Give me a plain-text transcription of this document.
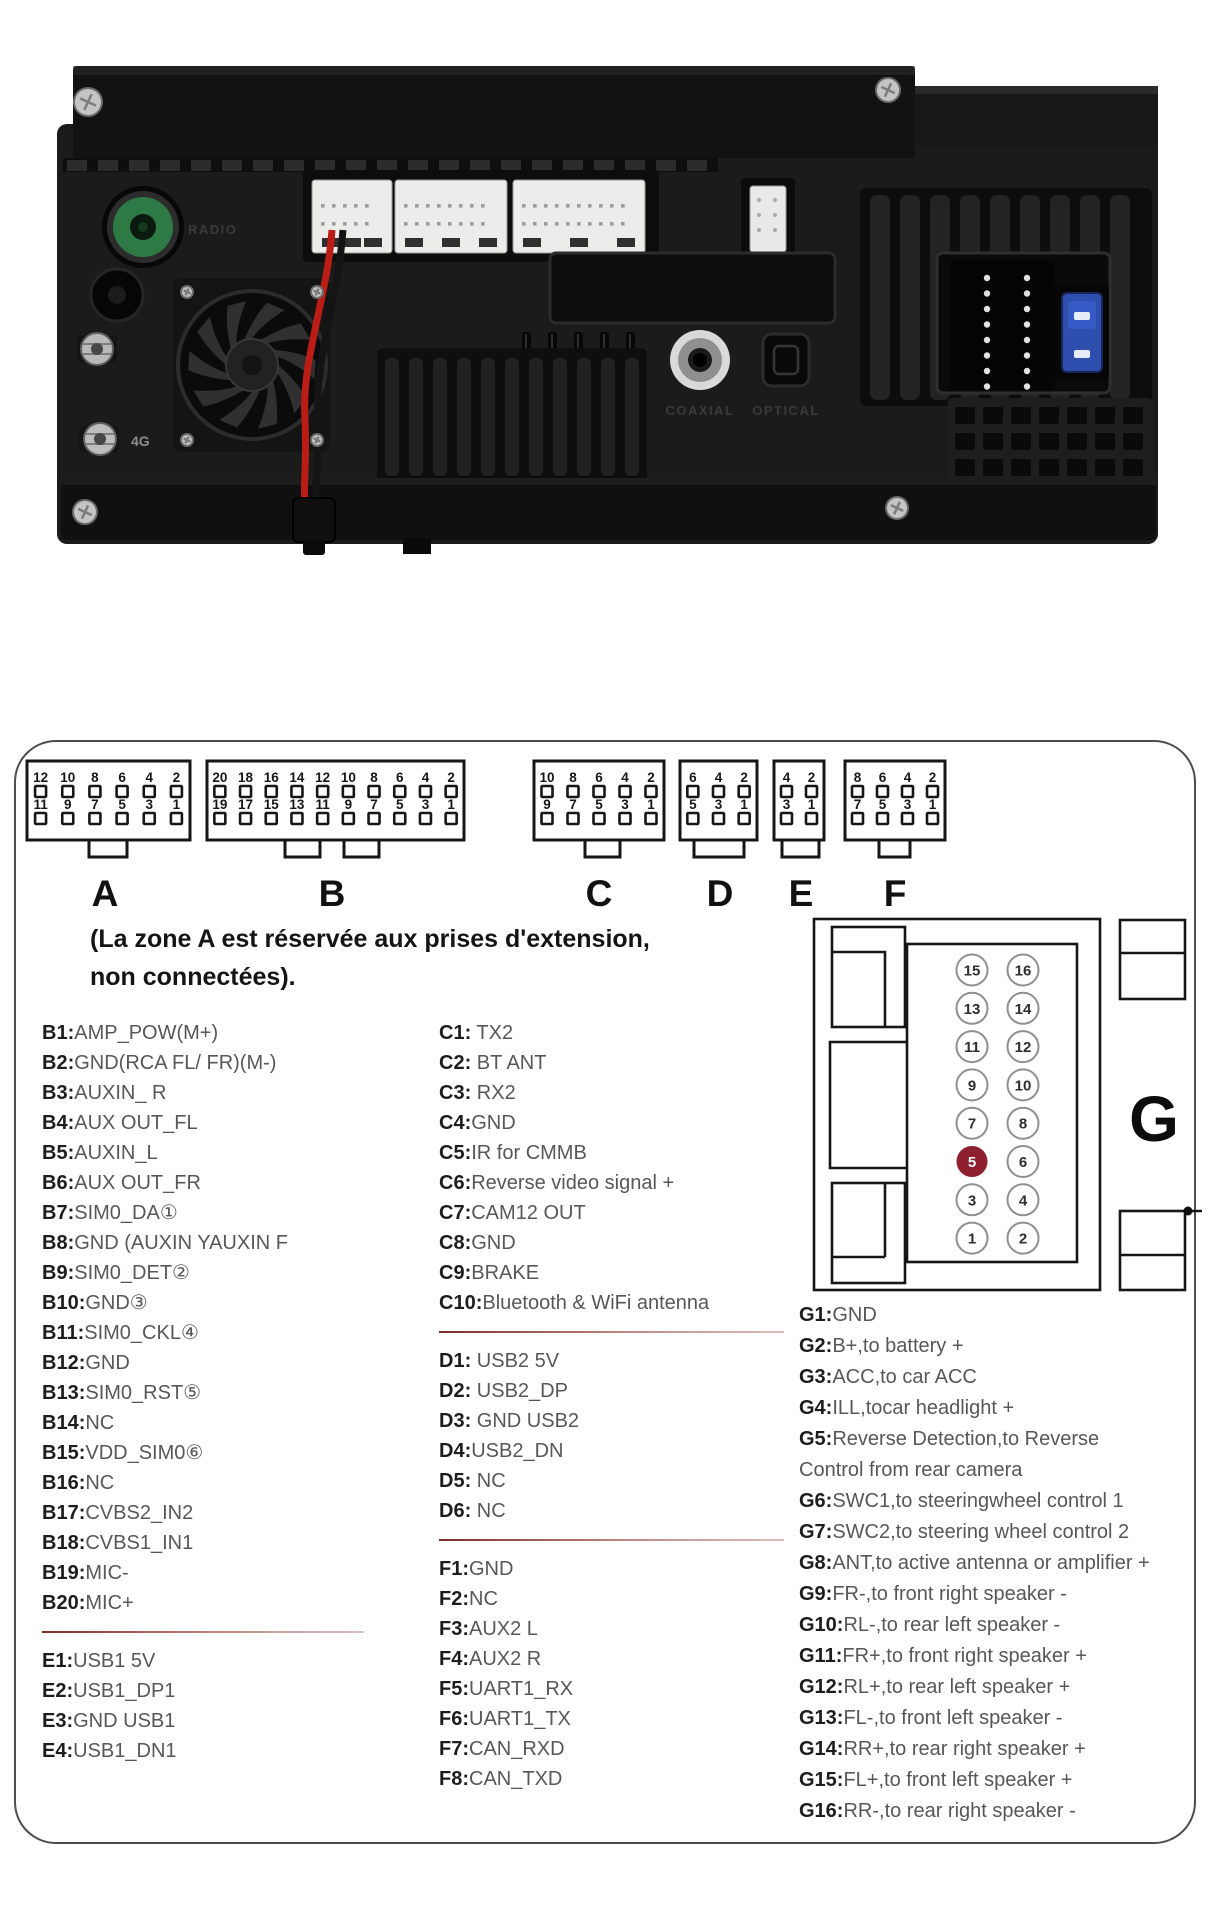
RADIO
4G
COAXIAL OPTICAL
12 10 8 6 4 2
11 9 7 5 3 1
A
20 18 16 14 12 10 8 6 4 2
19 17 15 13 11 9 7 5 3 1
B
10 8 6 4 2
9 7 5 3 1
C
6 4 2
5 3 1
D
4 2
3 1
E
8 6 4 2
7 5 3 1
F
G
15
13
11
9
7
5
3
1
16
14
12
10
8
6
4
2
(La zone A est réservée aux prises d'extension,
non connectées).
B1:AMP_POW(M+)
B2:GND(RCA FL/ FR)(M-)
B3:AUXIN_ R
B4:AUX OUT_FL
B5:AUXIN_L
B6:AUX OUT_FR
B7:SIM0_DA①
B8:GND (AUXIN YAUXIN F
B9:SIM0_DET②
B10:GND③
B11:SIM0_CKL④
B12:GND
B13:SIM0_RST⑤
B14:NC
B15:VDD_SIM0⑥
B16:NC
B17:CVBS2_IN2
B18:CVBS1_IN1
B19:MIC-
B20:MIC+
E1:USB1 5V
E2:USB1_DP1
E3:GND USB1
E4:USB1_DN1
C1: TX2
C2: BT ANT
C3: RX2
C4:GND
C5:IR for CMMB
C6:Reverse video signal +
C7:CAM12 OUT
C8:GND
C9:BRAKE
C10:Bluetooth & WiFi antenna
D1: USB2 5V
D2: USB2_DP
D3: GND USB2
D4:USB2_DN
D5: NC
D6: NC
F1:GND
F2:NC
F3:AUX2 L
F4:AUX2 R
F5:UART1_RX
F6:UART1_TX
F7:CAN_RXD
F8:CAN_TXD
G1:GND
G2:B+,to battery +
G3:ACC,to car ACC
G4:ILL,tocar headlight +
G5:Reverse Detection,to Reverse
Control from rear camera
G6:SWC1,to steeringwheel control 1
G7:SWC2,to steering wheel control 2
G8:ANT,to active antenna or amplifier +
G9:FR-,to front right speaker -
G10:RL-,to rear left speaker -
G11:FR+,to front right speaker +
G12:RL+,to rear left speaker +
G13:FL-,to front left speaker -
G14:RR+,to rear right speaker +
G15:FL+,to front left speaker +
G16:RR-,to rear right speaker -
